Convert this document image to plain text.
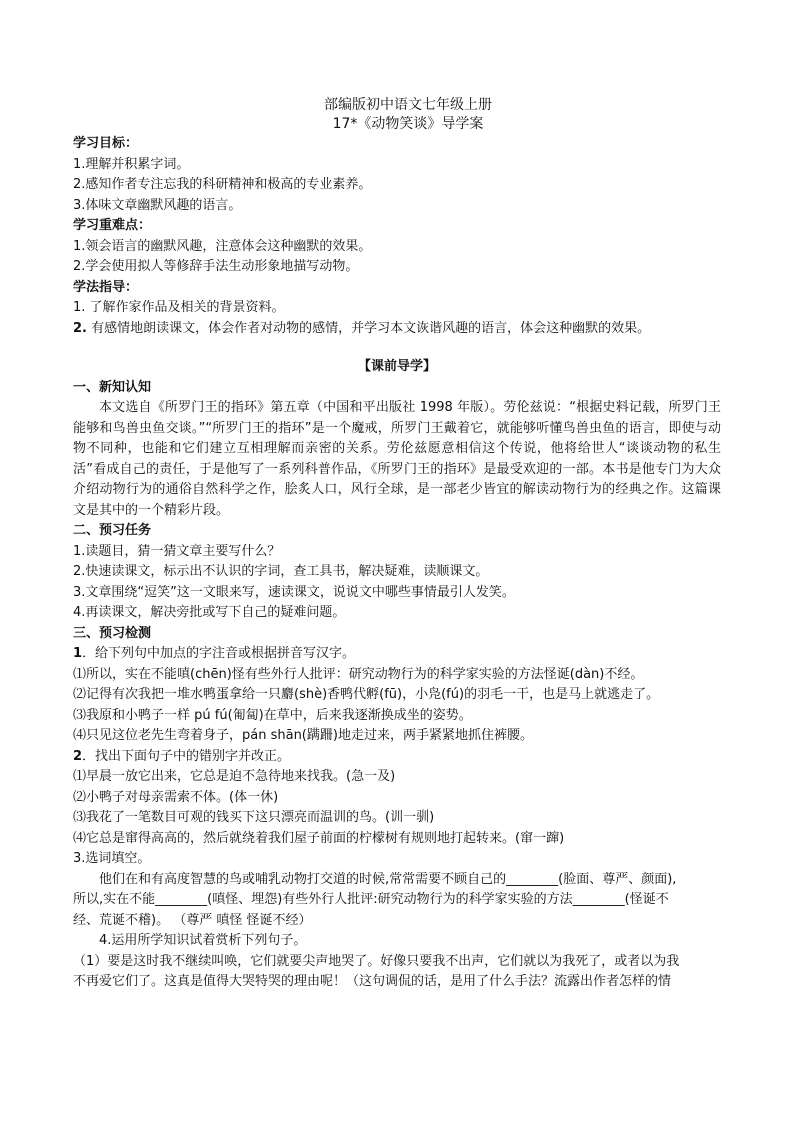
部编版初中语文七年级上册
17*《动物笑谈》导学案
学习目标：
1.理解并积累字词。
2.感知作者专注忘我的科研精神和极高的专业素养。
3.体味文章幽默风趣的语言。
学习重难点：
1.领会语言的幽默风趣，注意体会这种幽默的效果。
2.学会使用拟人等修辞手法生动形象地描写动物。
学法指导：
1. 了解作家作品及相关的背景资料。
2. 有感情地朗读课文，体会作者对动物的感情，并学习本文诙谐风趣的语言，体会这种幽默的效果。
【课前导学】
一、新知认知
本文选自《所罗门王的指环》第五章（中国和平出版社 1998 年版）。劳伦兹说：“根据史料记载，所罗门王能够和鸟兽虫鱼交谈。”“所罗门王的指环”是一个魔戒，所罗门王戴着它，就能够听懂鸟兽虫鱼的语言，即使与动物不同种，也能和它们建立互相理解而亲密的关系。劳伦兹愿意相信这个传说，他将给世人“谈谈动物的私生活”看成自己的责任，于是他写了一系列科普作品，《所罗门王的指环》是最受欢迎的一部。本书是他专门为大众介绍动物行为的通俗自然科学之作，脍炙人口，风行全球，是一部老少皆宜的解读动物行为的经典之作。这篇课文是其中的一个精彩片段。
二、预习任务
1.读题目，猜一猜文章主要写什么？
2.快速读课文，标示出不认识的字词，查工具书，解决疑难，读顺课文。
3.文章围绕“逗笑”这一文眼来写，速读课文，说说文中哪些事情最引人发笑。
4.再读课文，解决旁批或写下自己的疑难问题。
三、预习检测
1．给下列句中加点的字注音或根据拼音写汉字。
⑴所以，实在不能嗔(chēn)怪有些外行人批评：研究动物行为的科学家实验的方法怪诞(dàn)不经。
⑵记得有次我把一堆水鸭蛋拿给一只麝(shè)香鸭代孵(fū)，小凫(fú)的羽毛一干，也是马上就逃走了。
⑶我原和小鸭子一样 pú fú(匍匐)在草中，后来我逐渐换成坐的姿势。
⑷只见这位老先生弯着身子，pán shān(蹒跚)地走过来，两手紧紧地抓住裤腰。
2．找出下面句子中的错别字并改正。
⑴早晨一放它出来，它总是迫不急待地来找我。(急一及)
⑵小鸭子对母亲需索不体。(体一休)
⑶我花了一笔数目可观的钱买下这只漂亮而温训的鸟。(训一驯)
⑷它总是窜得高高的，然后就绕着我们屋子前面的柠檬树有规则地打起转来。(窜一蹿)
3.选词填空。
他们在和有高度智慧的鸟或哺乳动物打交道的时候,常常需要不顾自己的________(脸面、尊严、颜面),
所以,实在不能________(嗔怪、埋怨)有些外行人批评:研究动物行为的科学家实验的方法________(怪诞不
经、荒诞不稽)。 （尊严 嗔怪 怪诞不经）
4.运用所学知识试着赏析下列句子。
（1）要是这时我不继续叫唤，它们就要尖声地哭了。好像只要我不出声，它们就以为我死了，或者以为我
不再爱它们了。这真是值得大哭特哭的理由呢！（这句调侃的话，是用了什么手法？流露出作者怎样的情
